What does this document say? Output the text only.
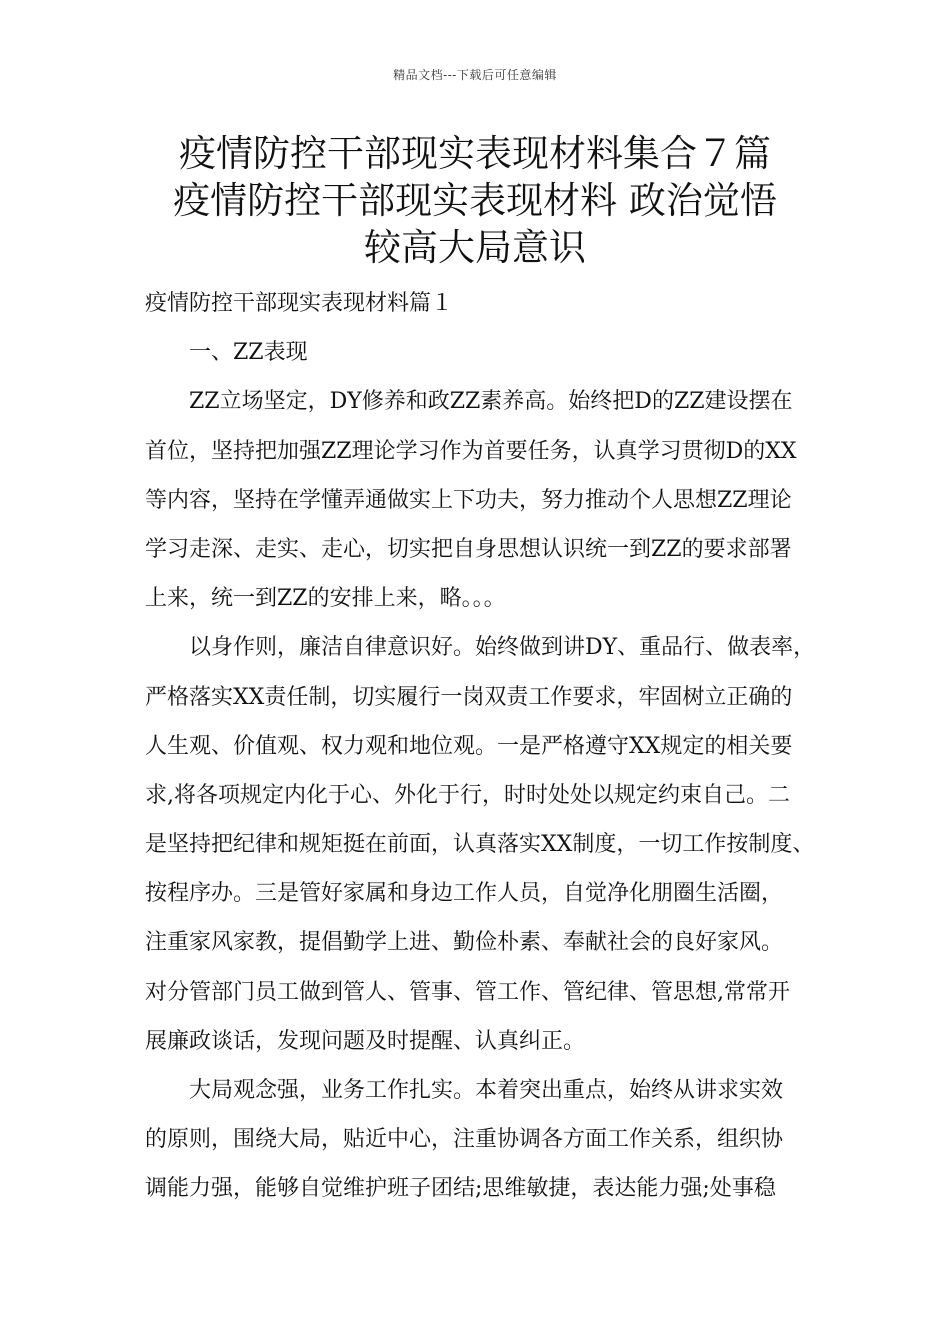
精品文档---下载后可任意编辑
疫情防控干部现实表现材料集合７篇
疫情防控干部现实表现材料 政治觉悟
较高大局意识
疫情防控干部现实表现材料篇１
一、ZZ表现
ZZ立场坚定，DY修养和政ZZ素养高。始终把D的ZZ建设摆在
首位，坚持把加强ZZ理论学习作为首要任务，认真学习贯彻D的XX
等内容，坚持在学懂弄通做实上下功夫，努力推动个人思想ZZ理论
学习走深、走实、走心，切实把自身思想认识统一到ZZ的要求部署
上来，统一到ZZ的安排上来，略。。。
以身作则，廉洁自律意识好。始终做到讲DY、重品行、做表率，
严格落实XX责任制，切实履行一岗双责工作要求，牢固树立正确的
人生观、价值观、权力观和地位观。一是严格遵守XX规定的相关要
求,将各项规定内化于心、外化于行，时时处处以规定约束自己。二
是坚持把纪律和规矩挺在前面，认真落实XX制度，一切工作按制度、
按程序办。三是管好家属和身边工作人员，自觉净化朋圈生活圈，
注重家风家教，提倡勤学上进、勤俭朴素、奉献社会的良好家风。
对分管部门员工做到管人、管事、管工作、管纪律、管思想,常常开
展廉政谈话，发现问题及时提醒、认真纠正。
大局观念强，业务工作扎实。本着突出重点，始终从讲求实效
的原则，围绕大局，贴近中心，注重协调各方面工作关系，组织协
调能力强，能够自觉维护班子团结;思维敏捷，表达能力强;处事稳
